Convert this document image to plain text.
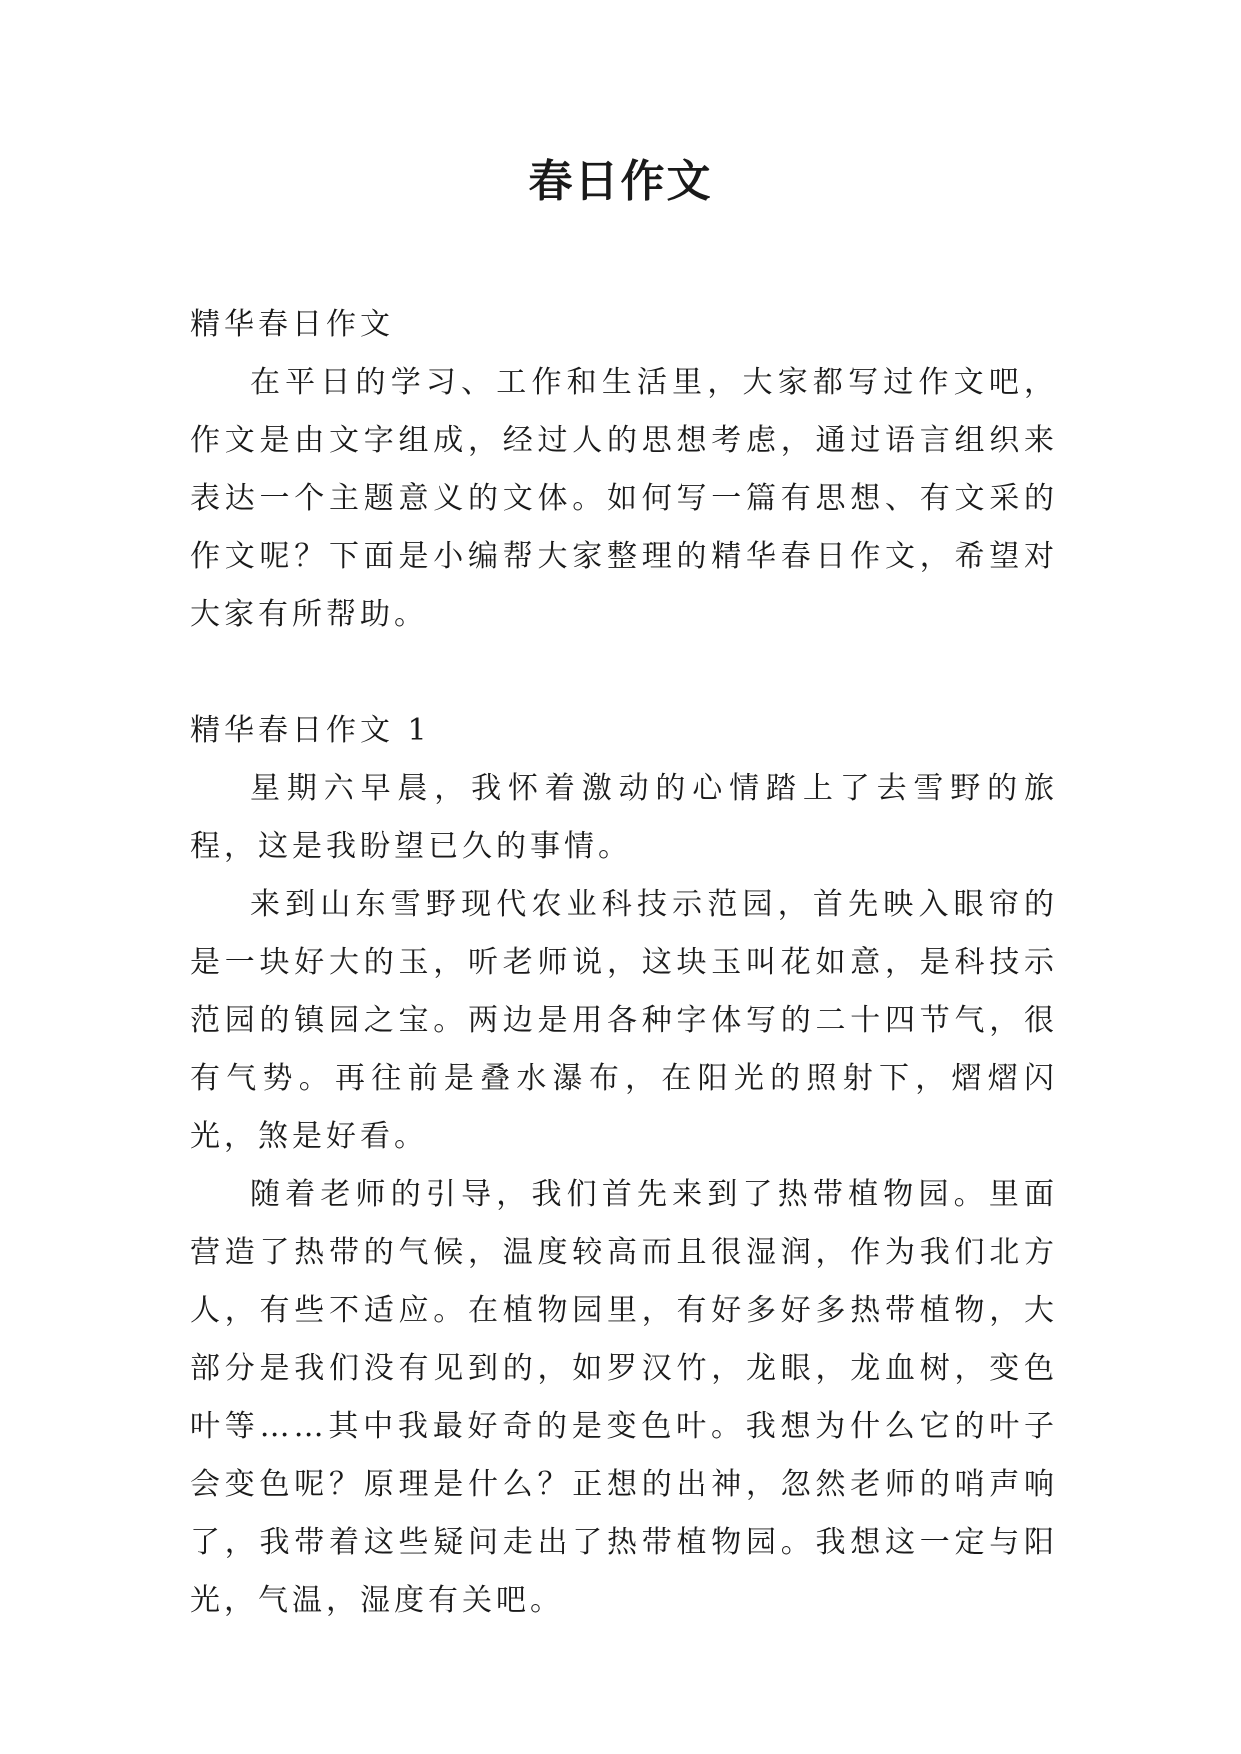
春日作文
精华春日作文

在平日的学习、工作和生活里，大家都写过作文吧，作文是由文字组成，经过人的思想考虑，通过语言组织来表达一个主题意义的文体。如何写一篇有思想、有文采的作文呢？下面是小编帮大家整理的精华春日作文，希望对大家有所帮助。

精华春日作文 1

星期六早晨，我怀着激动的心情踏上了去雪野的旅程，这是我盼望已久的事情。

来到山东雪野现代农业科技示范园，首先映入眼帘的是一块好大的玉，听老师说，这块玉叫花如意，是科技示范园的镇园之宝。两边是用各种字体写的二十四节气，很有气势。再往前是叠水瀑布，在阳光的照射下，熠熠闪光，煞是好看。

随着老师的引导，我们首先来到了热带植物园。里面营造了热带的气候，温度较高而且很湿润，作为我们北方人，有些不适应。在植物园里，有好多好多热带植物，大部分是我们没有见到的，如罗汉竹，龙眼，龙血树，变色叶等……其中我最好奇的是变色叶。我想为什么它的叶子会变色呢？原理是什么？正想的出神，忽然老师的哨声响了，我带着这些疑问走出了热带植物园。我想这一定与阳光，气温，湿度有关吧。
